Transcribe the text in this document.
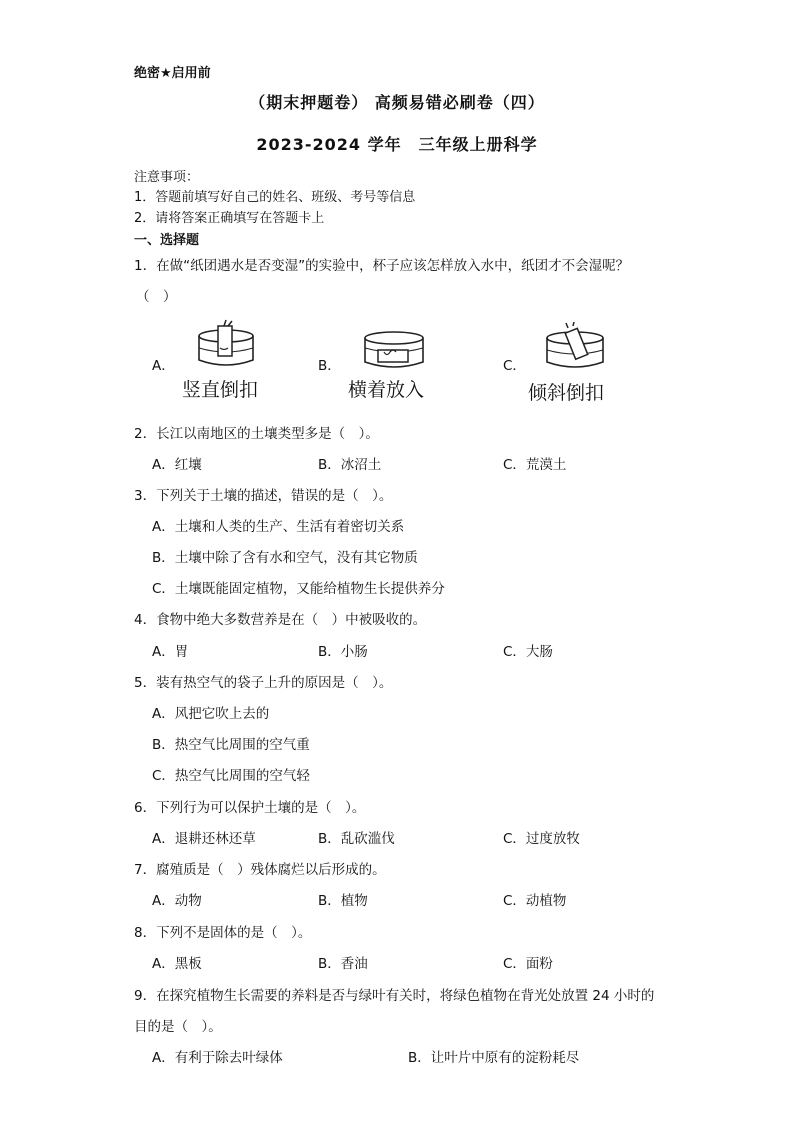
绝密★启用前
（期末押题卷） 高频易错必刷卷（四）
2023-2024 学年　三年级上册科学
注意事项：
1．答题前填写好自己的姓名、班级、考号等信息
2．请将答案正确填写在答题卡上
一、选择题
1．在做“纸团遇水是否变湿”的实验中，杯子应该怎样放入水中，纸团才不会湿呢？
（　）
A．
竖直倒扣
B．
横着放入
C．
倾斜倒扣
2．长江以南地区的土壤类型多是（　）。
A．红壤	B．冰沼土	C．荒漠土
3．下列关于土壤的描述，错误的是（　）。
A．土壤和人类的生产、生活有着密切关系
B．土壤中除了含有水和空气，没有其它物质
C．土壤既能固定植物，又能给植物生长提供养分
4．食物中绝大多数营养是在（　）中被吸收的。
A．胃	B．小肠	C．大肠
5．装有热空气的袋子上升的原因是（　）。
A．风把它吹上去的
B．热空气比周围的空气重
C．热空气比周围的空气轻
6．下列行为可以保护土壤的是（　）。
A．退耕还林还草	B．乱砍滥伐	C．过度放牧
7．腐殖质是（　）残体腐烂以后形成的。
A．动物	B．植物	C．动植物
8．下列不是固体的是（　）。
A．黑板	B．香油	C．面粉
9．在探究植物生长需要的养料是否与绿叶有关时，将绿色植物在背光处放置 24 小时的
目的是（　）。
A．有利于除去叶绿体	B．让叶片中原有的淀粉耗尽
